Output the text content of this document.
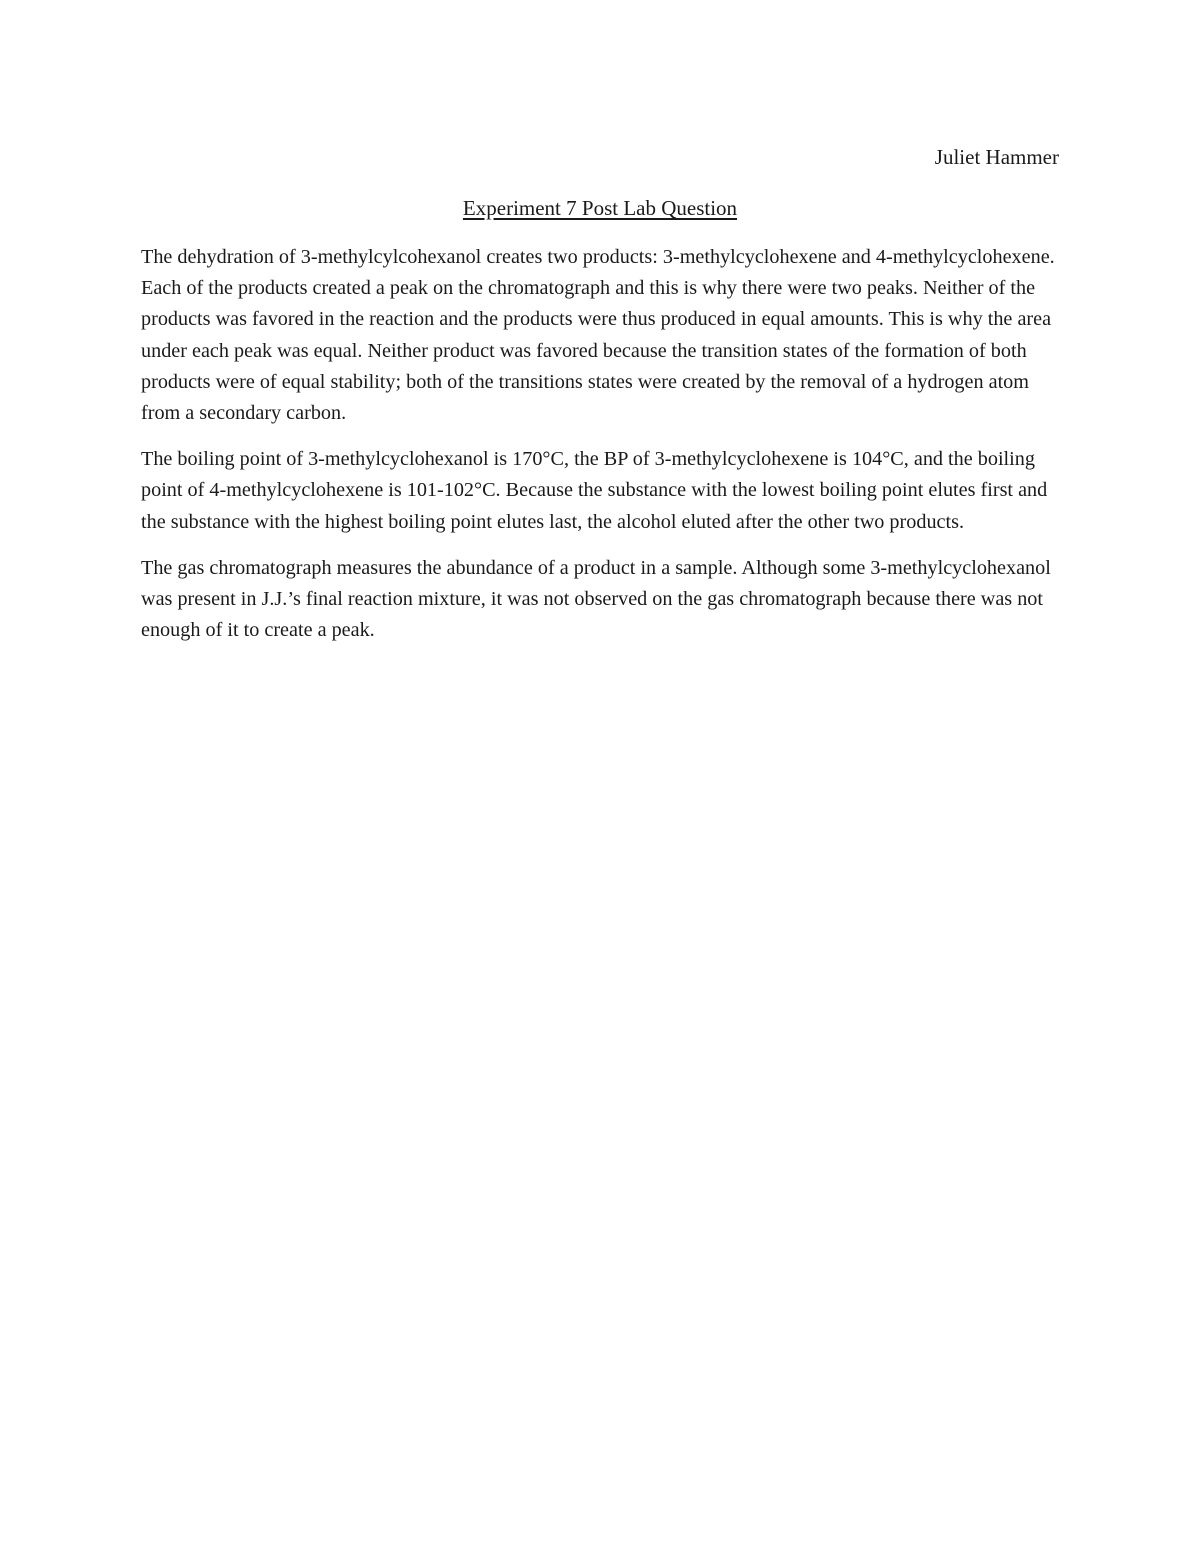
Juliet Hammer
Experiment 7 Post Lab Question

The dehydration of 3-methylcylcohexanol creates two products: 3-methylcyclohexene and 4-methylcyclohexene. Each of the products created a peak on the chromatograph and this is why there were two peaks. Neither of the products was favored in the reaction and the products were thus produced in equal amounts. This is why the area under each peak was equal. Neither product was favored because the transition states of the formation of both products were of equal stability; both of the transitions states were created by the removal of a hydrogen atom from a secondary carbon.

The boiling point of 3-methylcyclohexanol is 170°C, the BP of 3-methylcyclohexene is 104°C, and the boiling point of 4-methylcyclohexene is 101-102°C. Because the substance with the lowest boiling point elutes first and the substance with the highest boiling point elutes last, the alcohol eluted after the other two products.

The gas chromatograph measures the abundance of a product in a sample. Although some 3-methylcyclohexanol was present in J.J.’s final reaction mixture, it was not observed on the gas chromatograph because there was not enough of it to create a peak.
